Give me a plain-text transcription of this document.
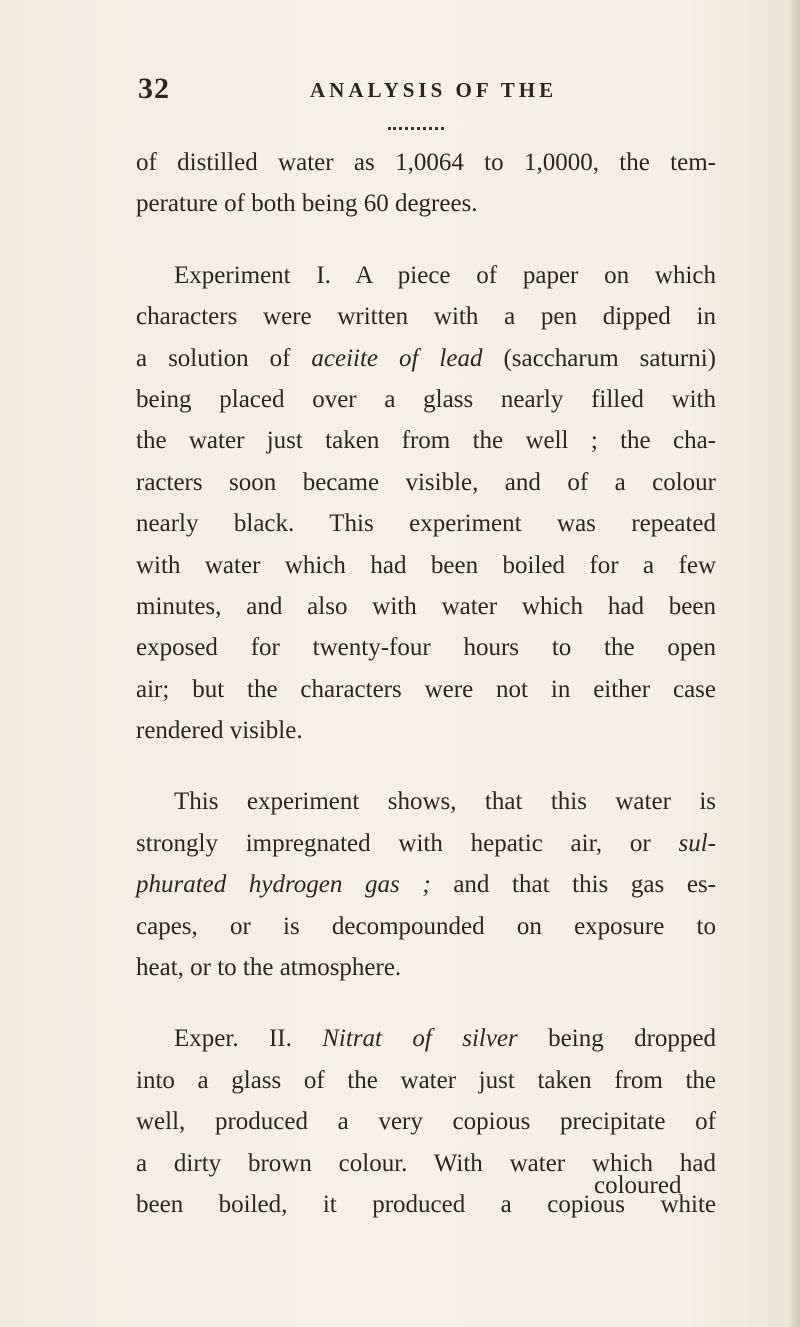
32	ANALYSIS OF THE
of distilled water as 1,0064 to 1,0000, the tem-
perature of both being 60 degrees.
Experiment I. A piece of paper on which
characters were written with a pen dipped in
a solution of aceiite of lead (saccharum saturni)
being placed over a glass nearly filled with
the water just taken from the well ; the cha-
racters soon became visible, and of a colour
nearly black. This experiment was repeated
with water which had been boiled for a few
minutes, and also with water which had been
exposed for twenty-four hours to the open
air; but the characters were not in either case
rendered visible.
This experiment shows, that this water is
strongly impregnated with hepatic air, or sul-
phurated hydrogen gas ; and that this gas es-
capes, or is decompounded on exposure to
heat, or to the atmosphere.
Exper. II. Nitrat of silver being dropped
into a glass of the water just taken from the
well, produced a very copious precipitate of
a dirty brown colour. With water which had
been boiled, it produced a copious white
coloured
